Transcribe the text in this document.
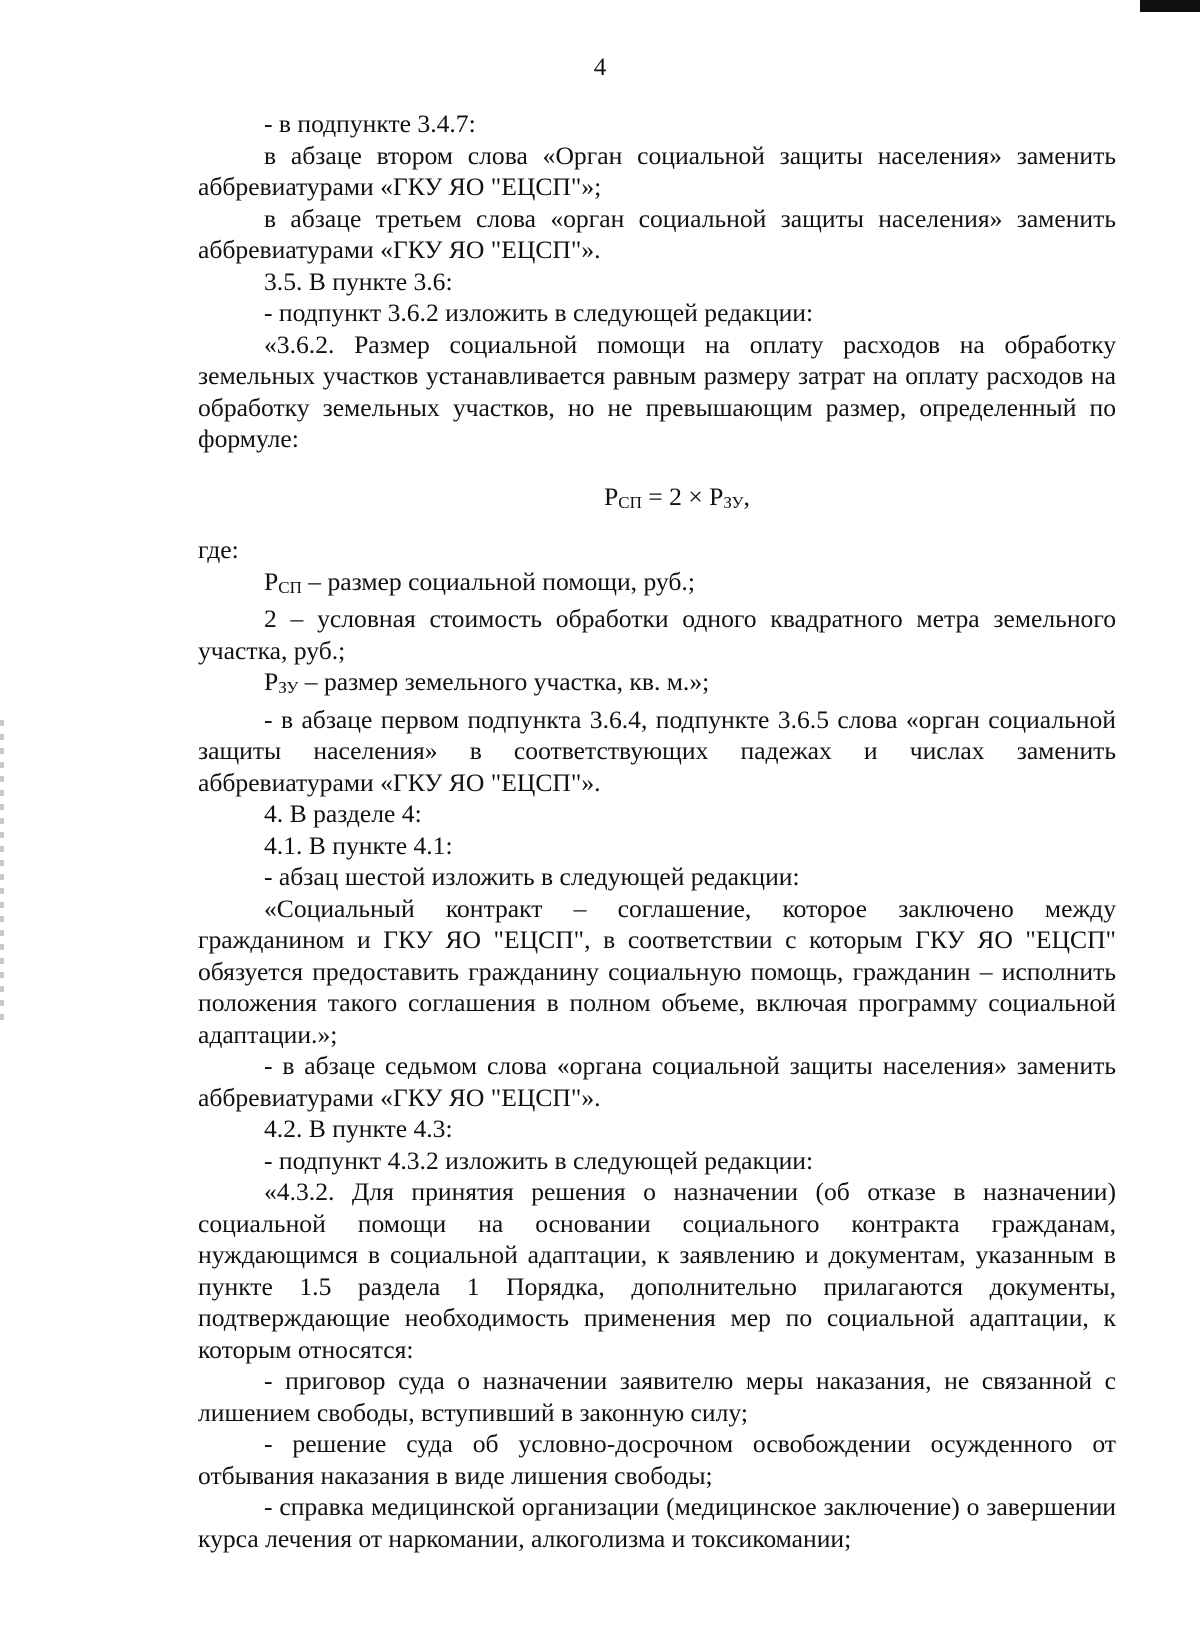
4

- в подпункте 3.4.7:

в абзаце втором слова «Орган социальной защиты населения» заменить аббревиатурами «ГКУ ЯО "ЕЦСП"»;

в абзаце третьем слова «орган социальной защиты населения» заменить аббревиатурами «ГКУ ЯО "ЕЦСП"».

3.5. В пункте 3.6:

- подпункт 3.6.2 изложить в следующей редакции:

«3.6.2. Размер социальной помощи на оплату расходов на обработку земельных участков устанавливается равным размеру затрат на оплату расходов на обработку земельных участков, но не превышающим размер, определенный по формуле:

РСП = 2 × РЗУ,

где:

РСП – размер социальной помощи, руб.;

2 – условная стоимость обработки одного квадратного метра земельного участка, руб.;

РЗУ – размер земельного участка, кв. м.»;

- в абзаце первом подпункта 3.6.4, подпункте 3.6.5 слова «орган социальной защиты населения» в соответствующих падежах и числах заменить аббревиатурами «ГКУ ЯО "ЕЦСП"».

4. В разделе 4:

4.1. В пункте 4.1:

- абзац шестой изложить в следующей редакции:

«Социальный контракт – соглашение, которое заключено между гражданином и ГКУ ЯО "ЕЦСП", в соответствии с которым ГКУ ЯО "ЕЦСП" обязуется предоставить гражданину социальную помощь, гражданин – исполнить положения такого соглашения в полном объеме, включая программу социальной адаптации.»;

- в абзаце седьмом слова «органа социальной защиты населения» заменить аббревиатурами «ГКУ ЯО "ЕЦСП"».

4.2. В пункте 4.3:

- подпункт 4.3.2 изложить в следующей редакции:

«4.3.2. Для принятия решения о назначении (об отказе в назначении) социальной помощи на основании социального контракта гражданам, нуждающимся в социальной адаптации, к заявлению и документам, указанным в пункте 1.5 раздела 1 Порядка, дополнительно прилагаются документы, подтверждающие необходимость применения мер по социальной адаптации, к которым относятся:

- приговор суда о назначении заявителю меры наказания, не связанной с лишением свободы, вступивший в законную силу;

- решение суда об условно-досрочном освобождении осужденного от отбывания наказания в виде лишения свободы;

- справка медицинской организации (медицинское заключение) о завершении курса лечения от наркомании, алкоголизма и токсикомании;
